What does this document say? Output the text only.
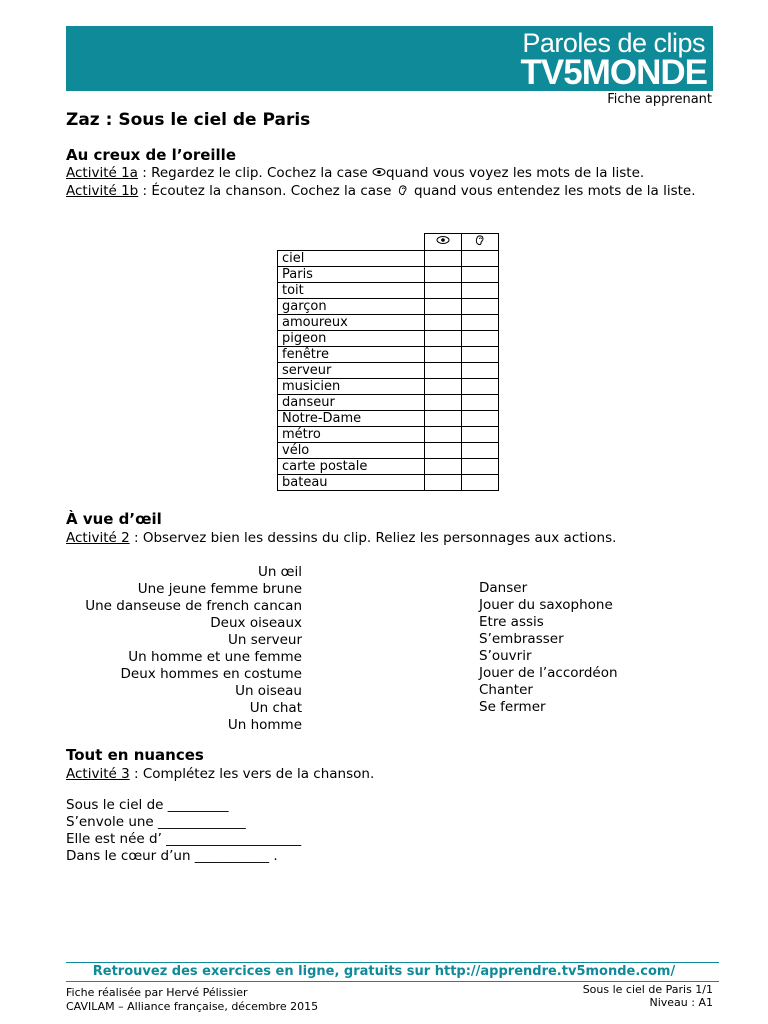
Paroles de clips
TV5MONDE
Fiche apprenant
Zaz : Sous le ciel de Paris
Au creux de l’oreille
Activité 1a : Regardez le clip. Cochez la case quand vous voyez les mots de la liste.
Activité 1b : Écoutez la chanson. Cochez la case  quand vous entendez les mots de la liste.

ciel		
Paris		
toit		
garçon		
amoureux		
pigeon		
fenêtre		
serveur		
musicien		
danseur		
Notre-Dame		
métro		
vélo		
carte postale		
bateau		
À vue d’œil
Activité 2 : Observez bien les dessins du clip. Reliez les personnages aux actions.
Un œil
Une jeune femme brune
Une danseuse de french cancan
Deux oiseaux
Un serveur
Un homme et une femme
Deux hommes en costume
Un oiseau
Un chat
Un homme
Danser
Jouer du saxophone
Etre assis
S’embrasser
S’ouvrir
Jouer de l’accordéon
Chanter
Se fermer
Tout en nuances
Activité 3 : Complétez les vers de la chanson.
Sous le ciel de _________
S’envole une _____________
Elle est née d’ ____________________
Dans le cœur d’un ___________ .
Retrouvez des exercices en ligne, gratuits sur http://apprendre.tv5monde.com/
Fiche réalisée par Hervé Pélissier
CAVILAM – Alliance française, décembre 2015
Sous le ciel de Paris 1/1
Niveau : A1
